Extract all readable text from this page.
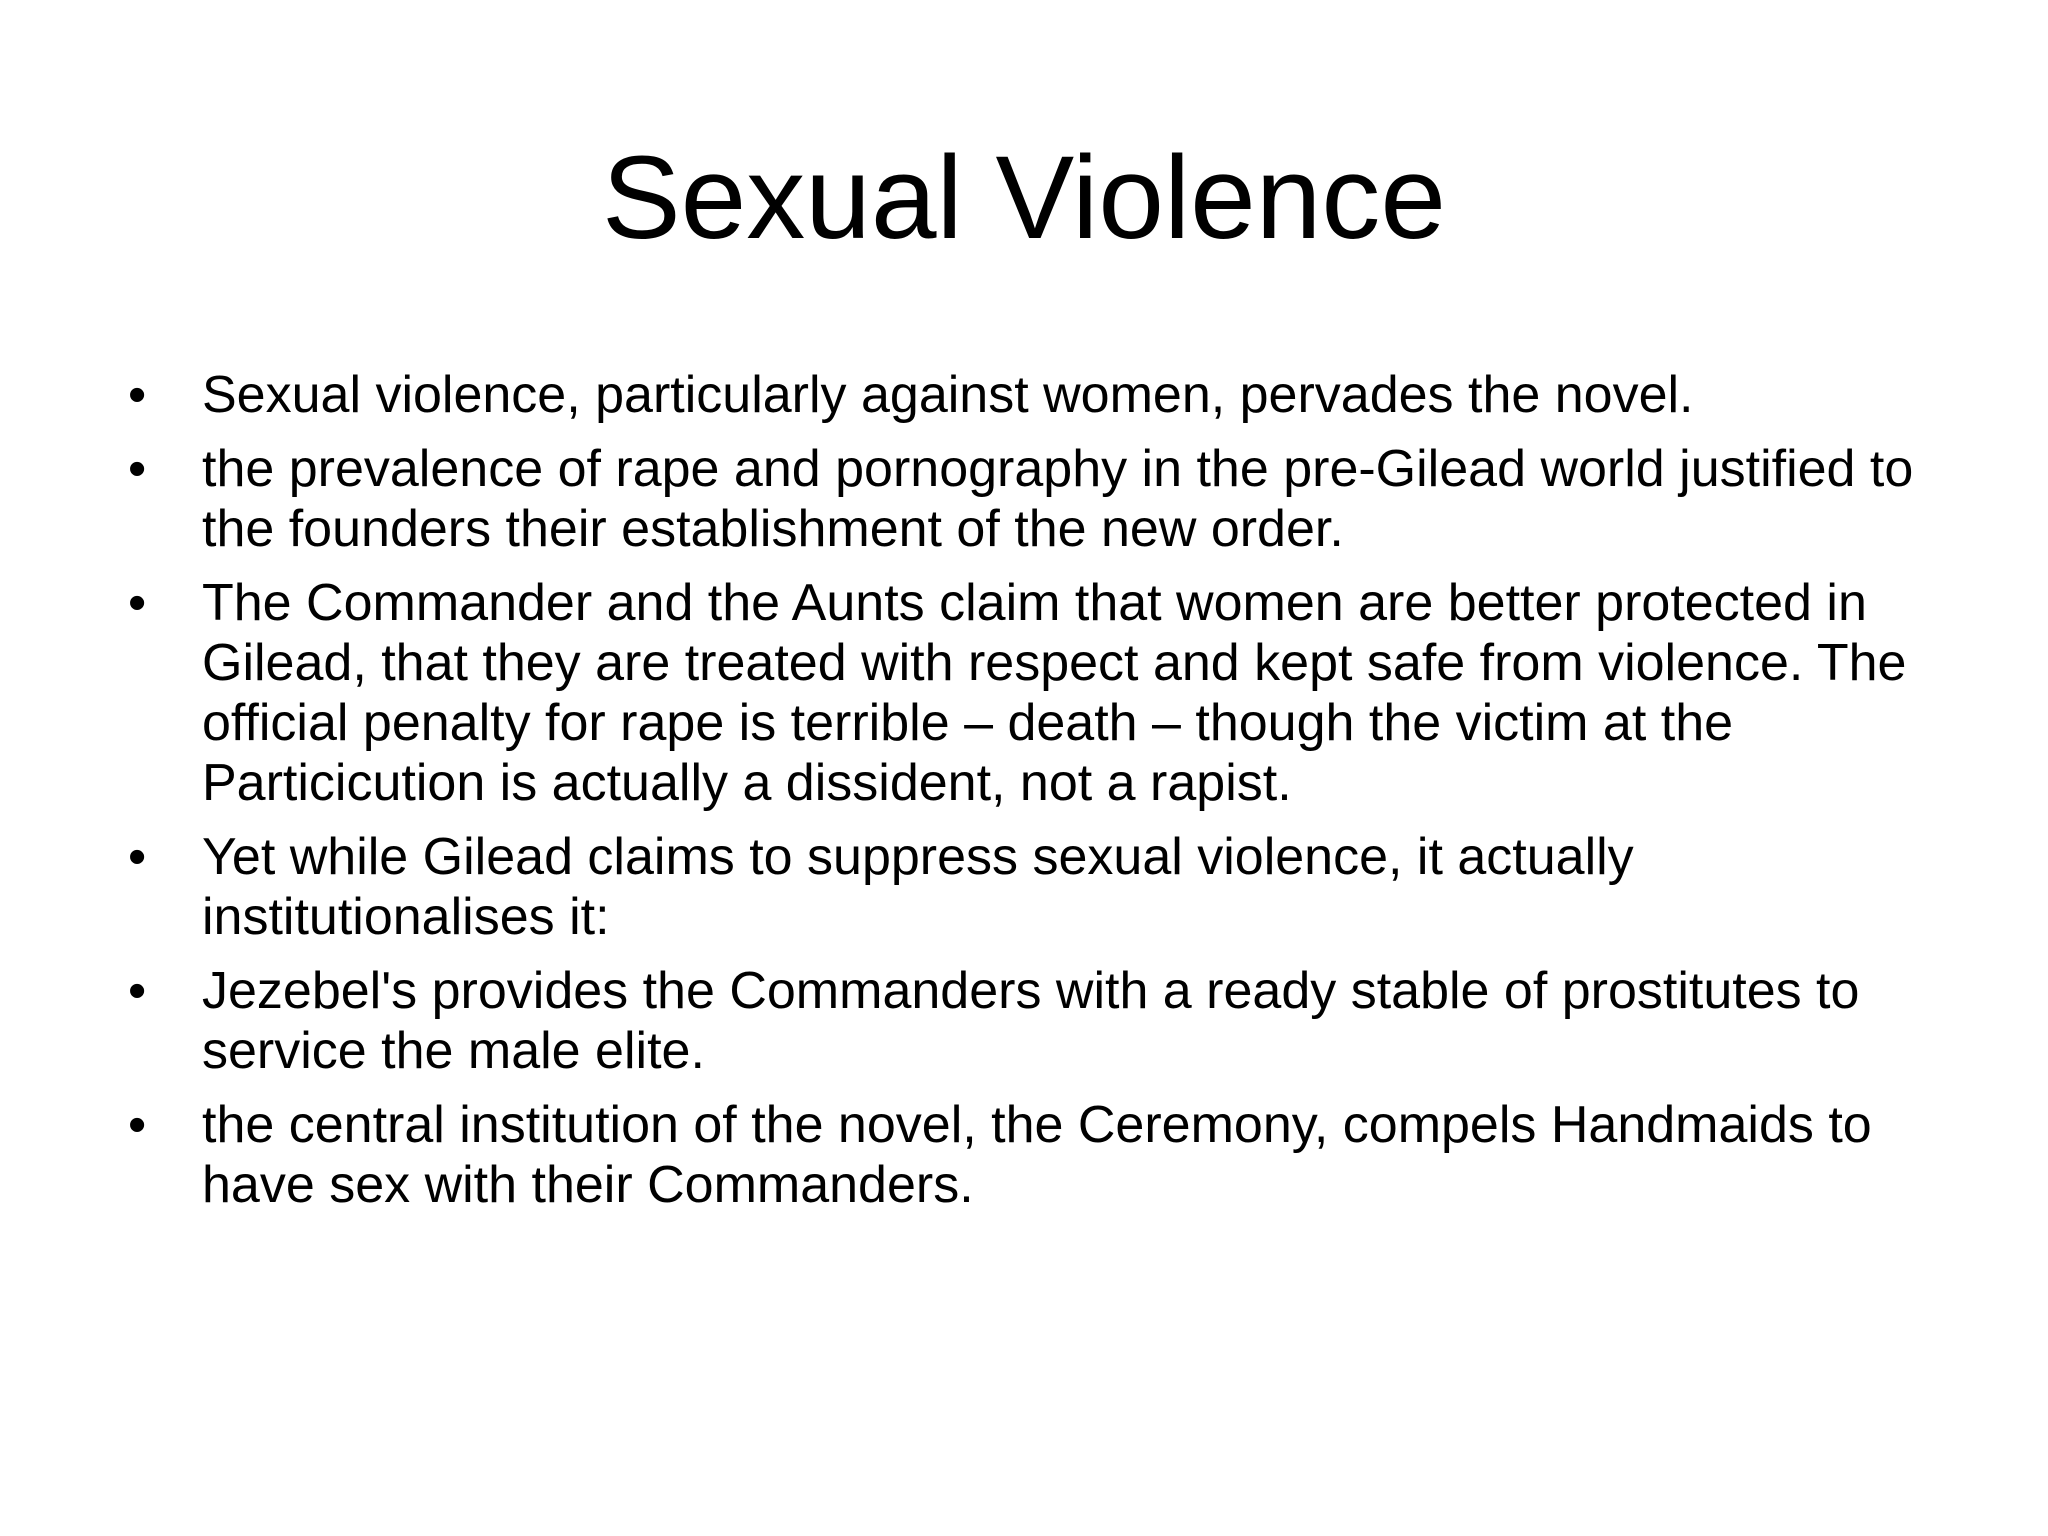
Sexual Violence
• Sexual violence, particularly against women, pervades the novel.
• the prevalence of rape and pornography in the pre-Gilead world justified to the founders their establishment of the new order.
• The Commander and the Aunts claim that women are better protected in Gilead, that they are treated with respect and kept safe from violence. The official penalty for rape is terrible – death – though the victim at the Particicution is actually a dissident, not a rapist.
• Yet while Gilead claims to suppress sexual violence, it actually institutionalises it:
• Jezebel's provides the Commanders with a ready stable of prostitutes to service the male elite.
• the central institution of the novel, the Ceremony, compels Handmaids to have sex with their Commanders.
